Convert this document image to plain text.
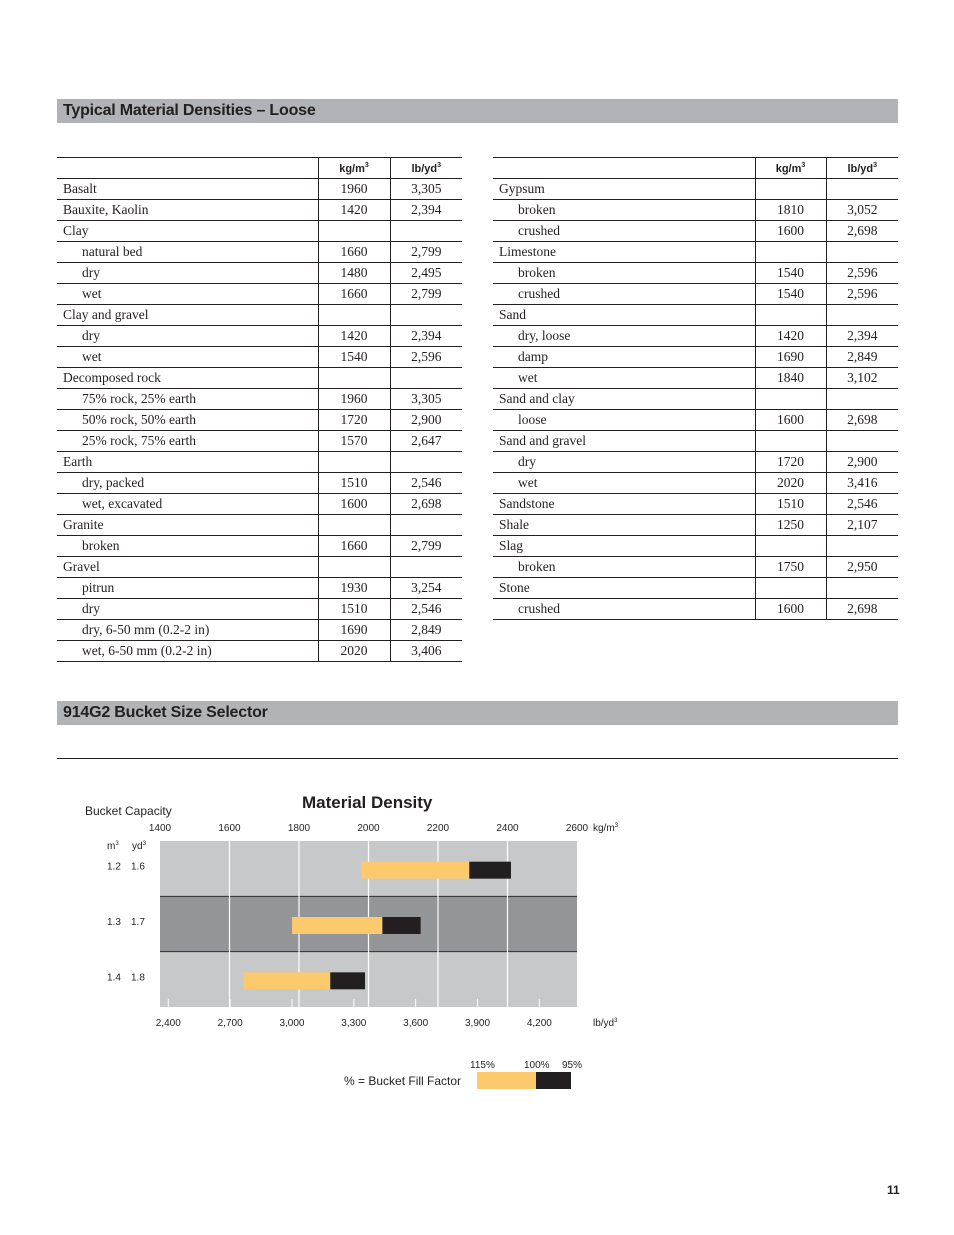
Typical Material Densities – Loose
	$kg/m^3$	$lb/yd^3$
Basalt	1960	3,305
Bauxite, Kaolin	1420	2,394
Clay		
natural bed	1660	2,799
dry	1480	2,495
wet	1660	2,799
Clay and gravel		
dry	1420	2,394
wet	1540	2,596
Decomposed rock		
75% rock, 25% earth	1960	3,305
50% rock, 50% earth	1720	2,900
25% rock, 75% earth	1570	2,647
Earth		
dry, packed	1510	2,546
wet, excavated	1600	2,698
Granite		
broken	1660	2,799
Gravel		
pitrun	1930	3,254
dry	1510	2,546
dry, 6-50 mm (0.2-2 in)	1690	2,849
wet, 6-50 mm (0.2-2 in)	2020	3,406
	$kg/m^3$	$lb/yd^3$
Gypsum		
broken	1810	3,052
crushed	1600	2,698
Limestone		
broken	1540	2,596
crushed	1540	2,596
Sand		
dry, loose	1420	2,394
damp	1690	2,849
wet	1840	3,102
Sand and clay		
loose	1600	2,698
Sand and gravel		
dry	1720	2,900
wet	2020	3,416
Sandstone	1510	2,546
Shale	1250	2,107
Slag		
broken	1750	2,950
Stone		
crushed	1600	2,698
914G2 Bucket Size Selector
Material Density
Bucket Capacity
$m^3$ $yd^3$
1400	1600	1800	2000	2200	2400	2600
2,400	2,700	3,000	3,300	3,600	3,900	4,200
1.2 1.6
1.3 1.7
1.4 1.8
$kg/m^3$
$lb/yd^3$
% = Bucket Fill Factor
115%	100% 95%
11
